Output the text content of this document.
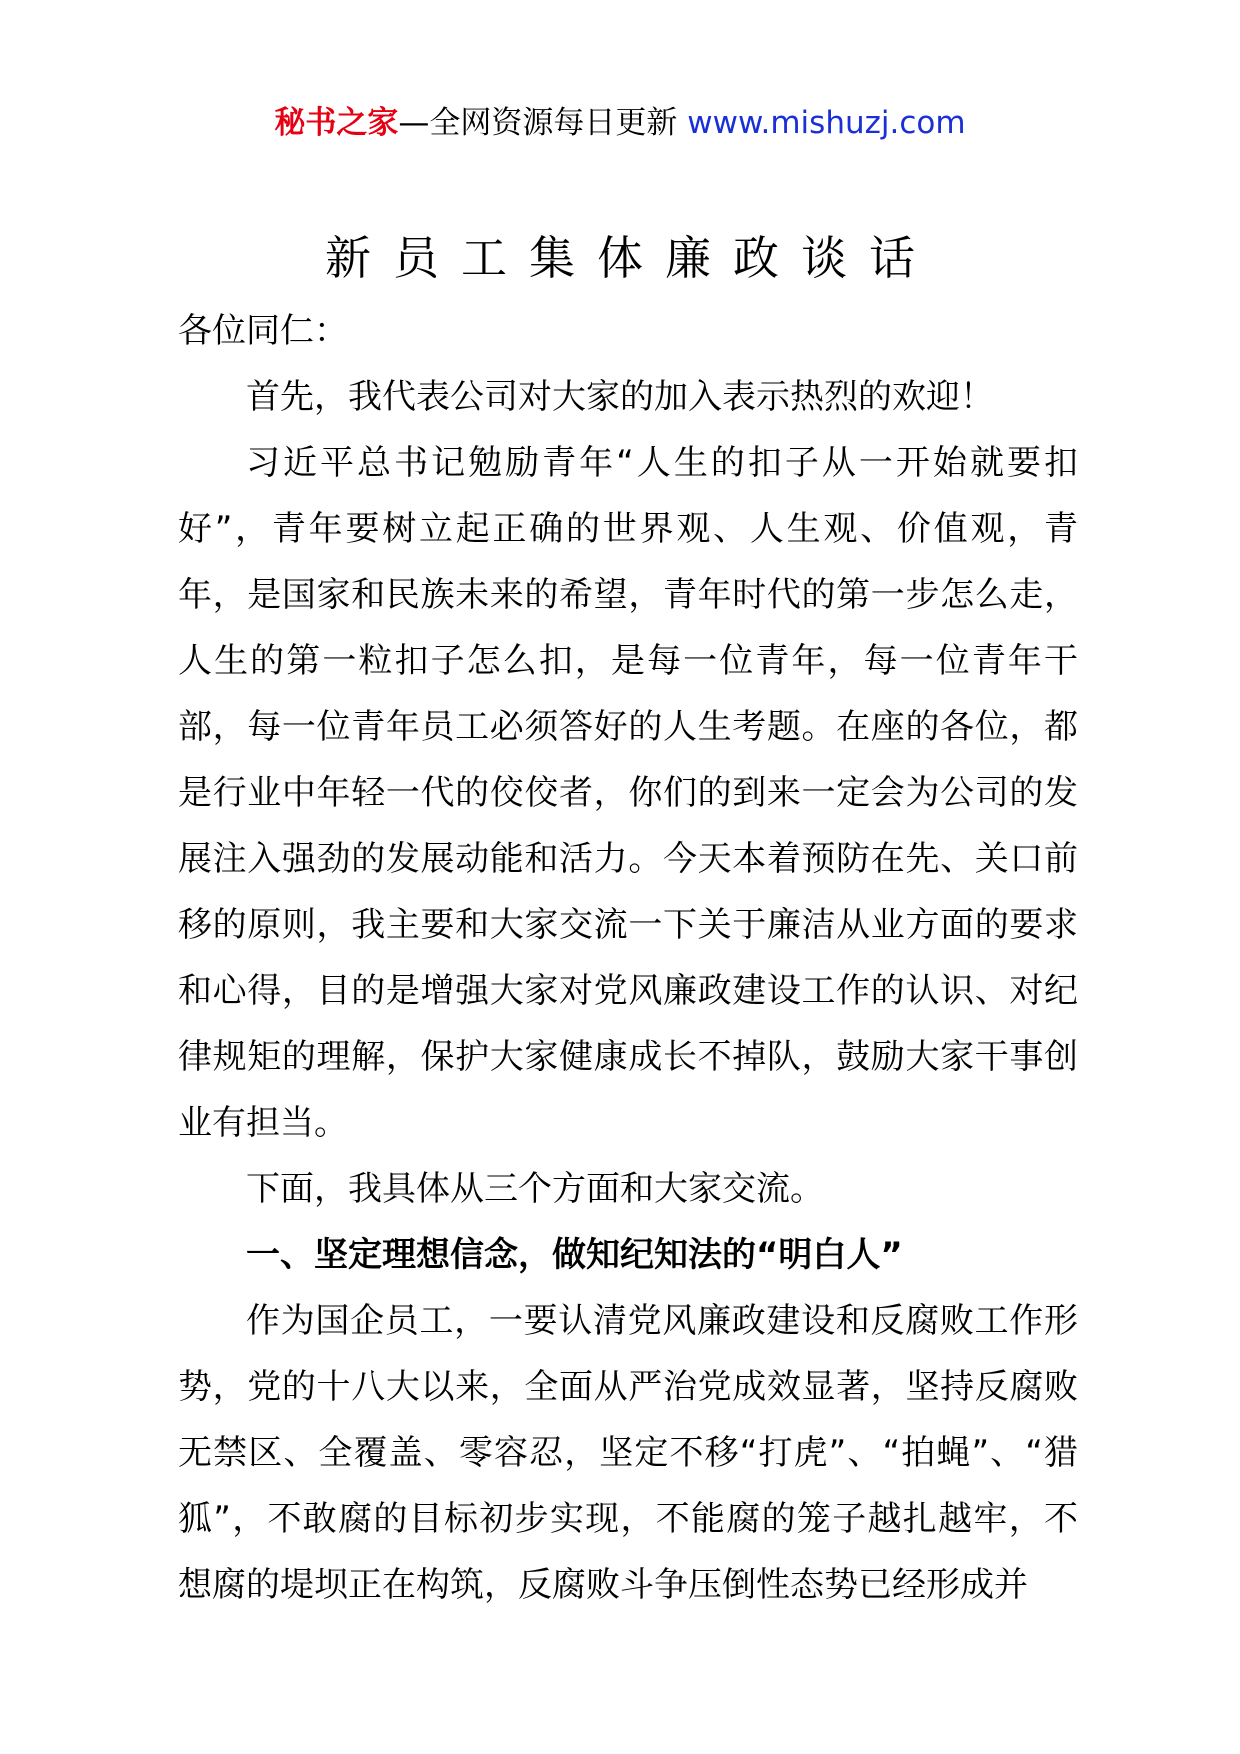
秘书之家—全网资源每日更新 www.mishuzj.com
新员工集体廉政谈话

各位同仁：

首先，我代表公司对大家的加入表示热烈的欢迎！

习近平总书记勉励青年“人生的扣子从一开始就要扣好”，青年要树立起正确的世界观、人生观、价值观，青年，是国家和民族未来的希望，青年时代的第一步怎么走，人生的第一粒扣子怎么扣，是每一位青年，每一位青年干部，每一位青年员工必须答好的人生考题。在座的各位，都是行业中年轻一代的佼佼者，你们的到来一定会为公司的发展注入强劲的发展动能和活力。今天本着预防在先、关口前移的原则，我主要和大家交流一下关于廉洁从业方面的要求和心得，目的是增强大家对党风廉政建设工作的认识、对纪律规矩的理解，保护大家健康成长不掉队，鼓励大家干事创业有担当。

下面，我具体从三个方面和大家交流。

一、坚定理想信念，做知纪知法的“明白人”

作为国企员工，一要认清党风廉政建设和反腐败工作形势，党的十八大以来，全面从严治党成效显著，坚持反腐败无禁区、全覆盖、零容忍，坚定不移“打虎”、“拍蝇”、“猎狐”，不敢腐的目标初步实现，不能腐的笼子越扎越牢，不想腐的堤坝正在构筑，反腐败斗争压倒性态势已经形成并
